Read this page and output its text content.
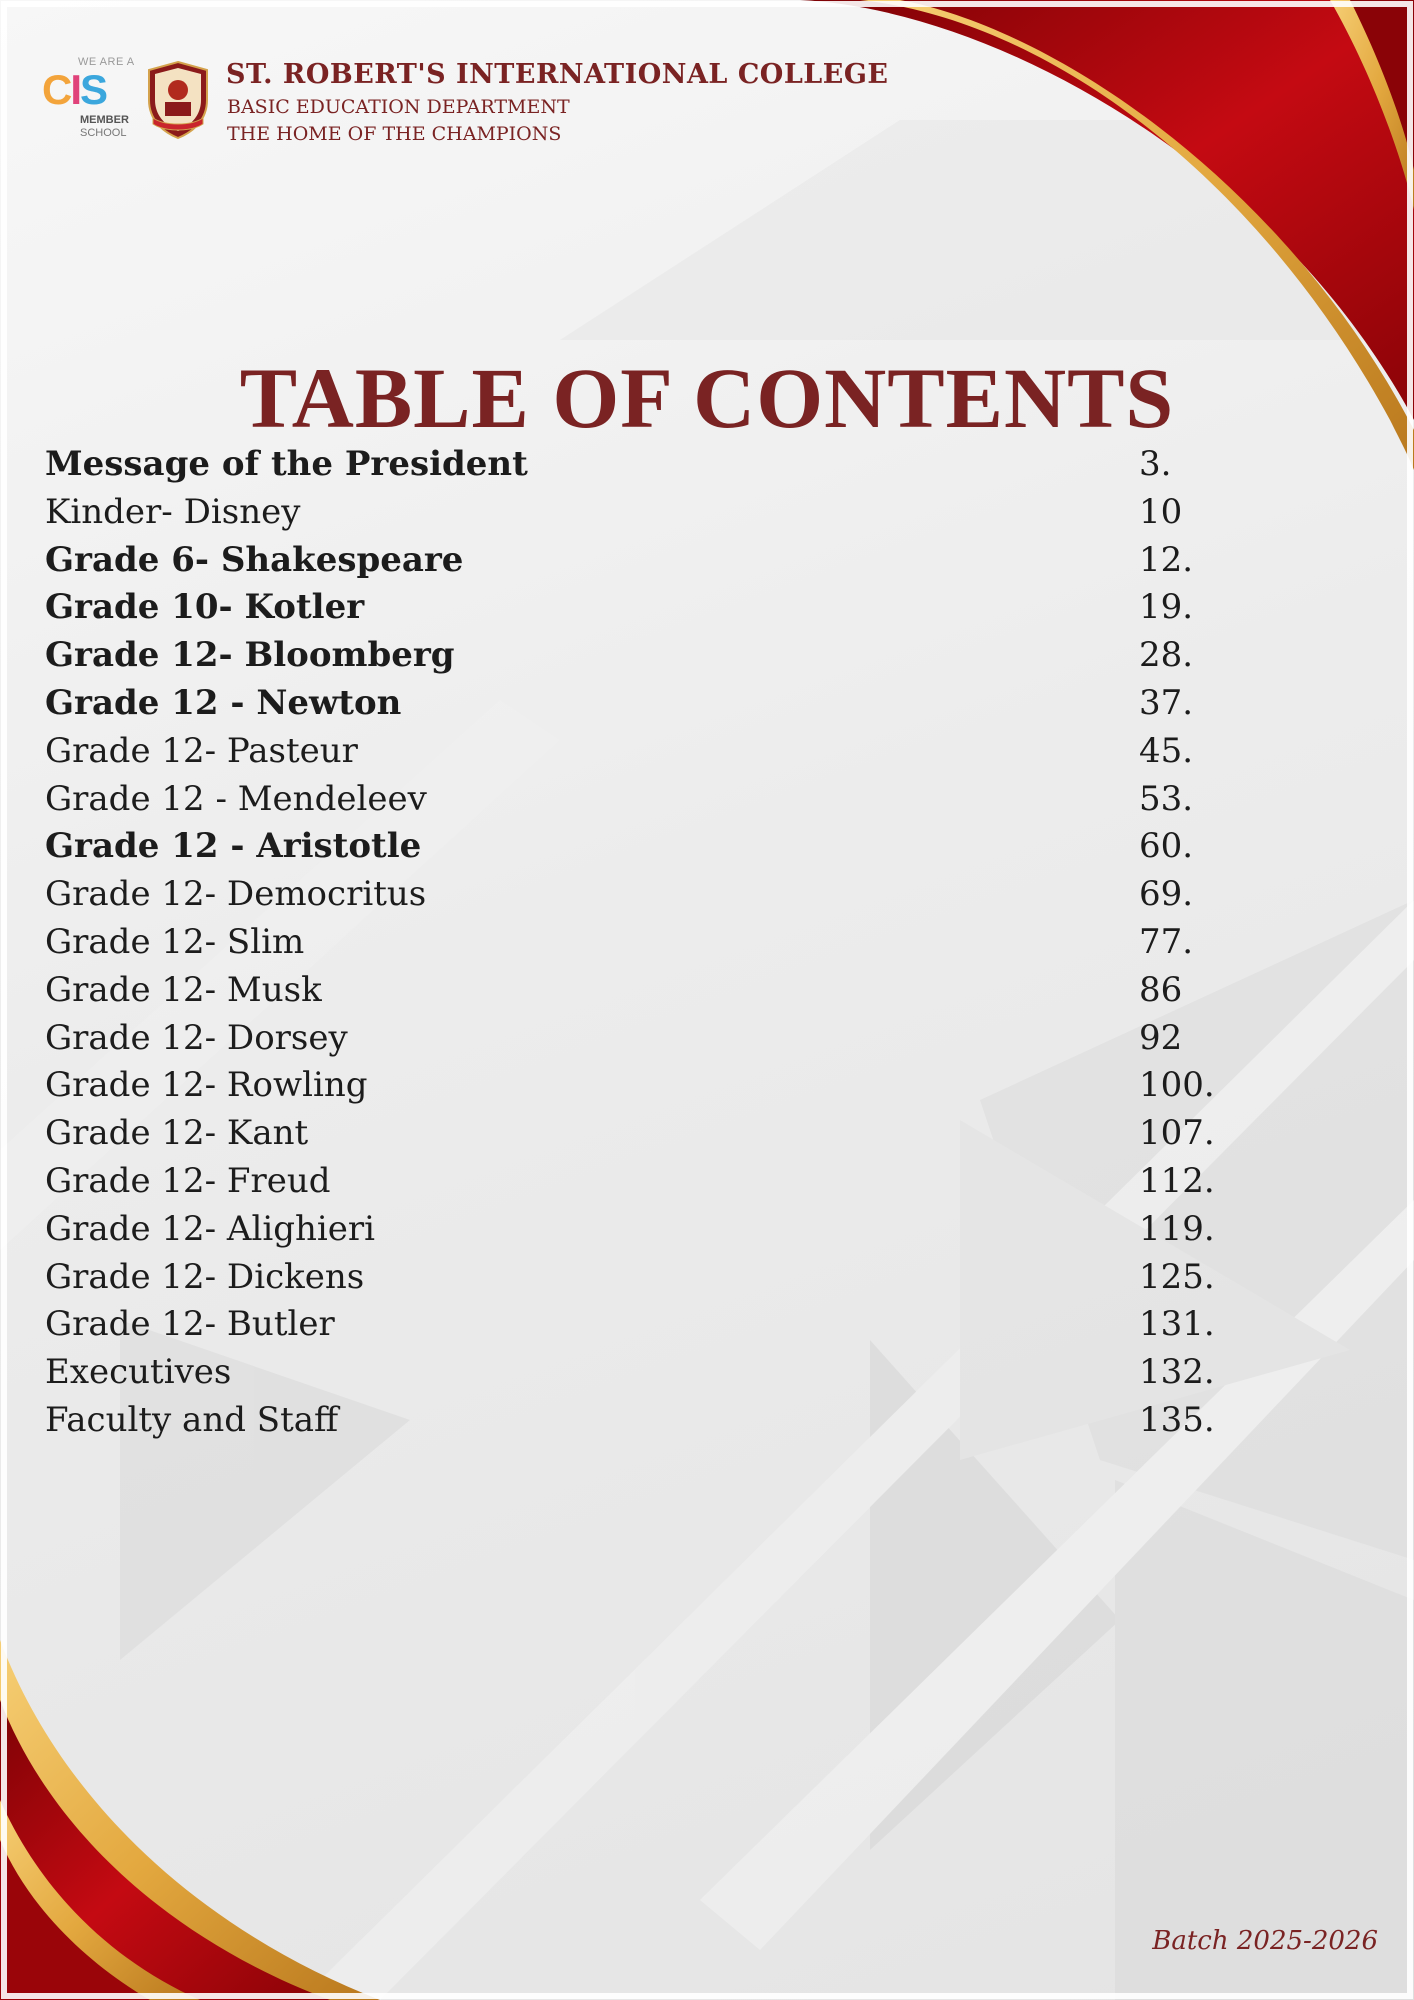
WE ARE A
CIS
MEMBER
SCHOOL
ST. ROBERT'S INTERNATIONAL COLLEGE
BASIC EDUCATION DEPARTMENT
THE HOME OF THE CHAMPIONS
TABLE OF CONTENTS
Message of the President	3.
Kinder- Disney	10
Grade 6- Shakespeare	12.
Grade 10- Kotler	19.
Grade 12- Bloomberg	28.
Grade 12 - Newton	37.
Grade 12- Pasteur	45.
Grade 12 - Mendeleev	53.
Grade 12 - Aristotle	60.
Grade 12- Democritus	69.
Grade 12- Slim	77.
Grade 12- Musk	86
Grade 12- Dorsey	92
Grade 12- Rowling	100.
Grade 12- Kant	107.
Grade 12- Freud	112.
Grade 12- Alighieri	119.
Grade 12- Dickens	125.
Grade 12- Butler	131.
Executives	132.
Faculty and Staff	135.
Batch 2025-2026
